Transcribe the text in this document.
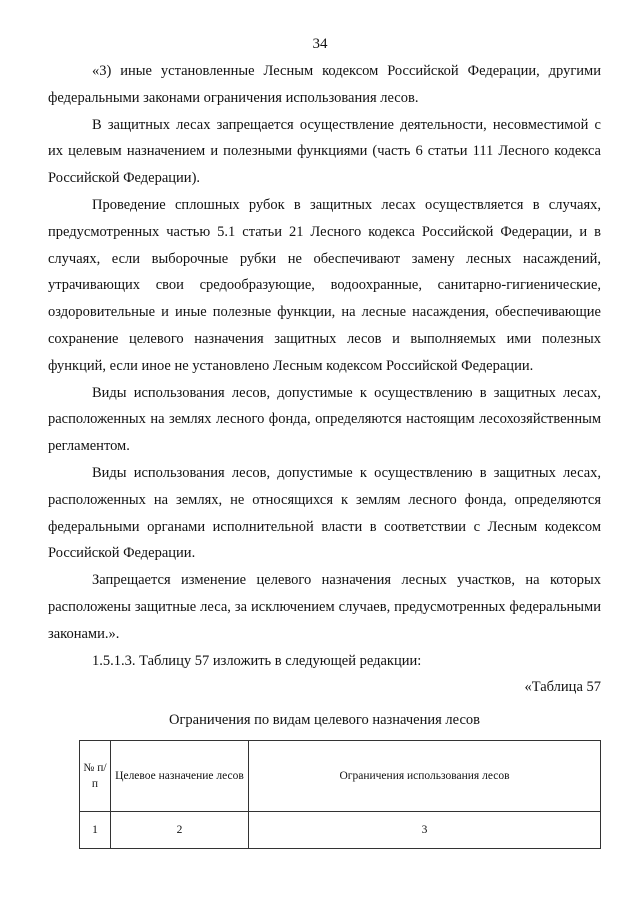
34

«3) иные установленные Лесным кодексом Российской Федерации, другими федеральными законами ограничения использования лесов.

В защитных лесах запрещается осуществление деятельности, несовместимой с их целевым назначением и полезными функциями (часть 6 статьи 111 Лесного кодекса Российской Федерации).

Проведение сплошных рубок в защитных лесах осуществляется в случаях, предусмотренных частью 5.1 статьи 21 Лесного кодекса Российской Федерации, и в случаях, если выборочные рубки не обеспечивают замену лесных насаждений, утрачивающих свои средообразующие, водоохранные, санитарно-гигиенические, оздоровительные и иные полезные функции, на лесные насаждения, обеспечивающие сохранение целевого назначения защитных лесов и выполняемых ими полезных функций, если иное не установлено Лесным кодексом Российской Федерации.

Виды использования лесов, допустимые к осуществлению в защитных лесах, расположенных на землях лесного фонда, определяются настоящим лесохозяйственным регламентом.

Виды использования лесов, допустимые к осуществлению в защитных лесах, расположенных на землях, не относящихся к землям лесного фонда, определяются федеральными органами исполнительной власти в соответствии с Лесным кодексом Российской Федерации.

Запрещается изменение целевого назначения лесных участков, на которых расположены защитные леса, за исключением случаев, предусмотренных федеральными законами.».

1.5.1.3. Таблицу 57 изложить в следующей редакции:

«Таблица 57

Ограничения по видам целевого назначения лесов

№ п/п	Целевое назначение лесов	Ограничения использования лесов
1	2	3
